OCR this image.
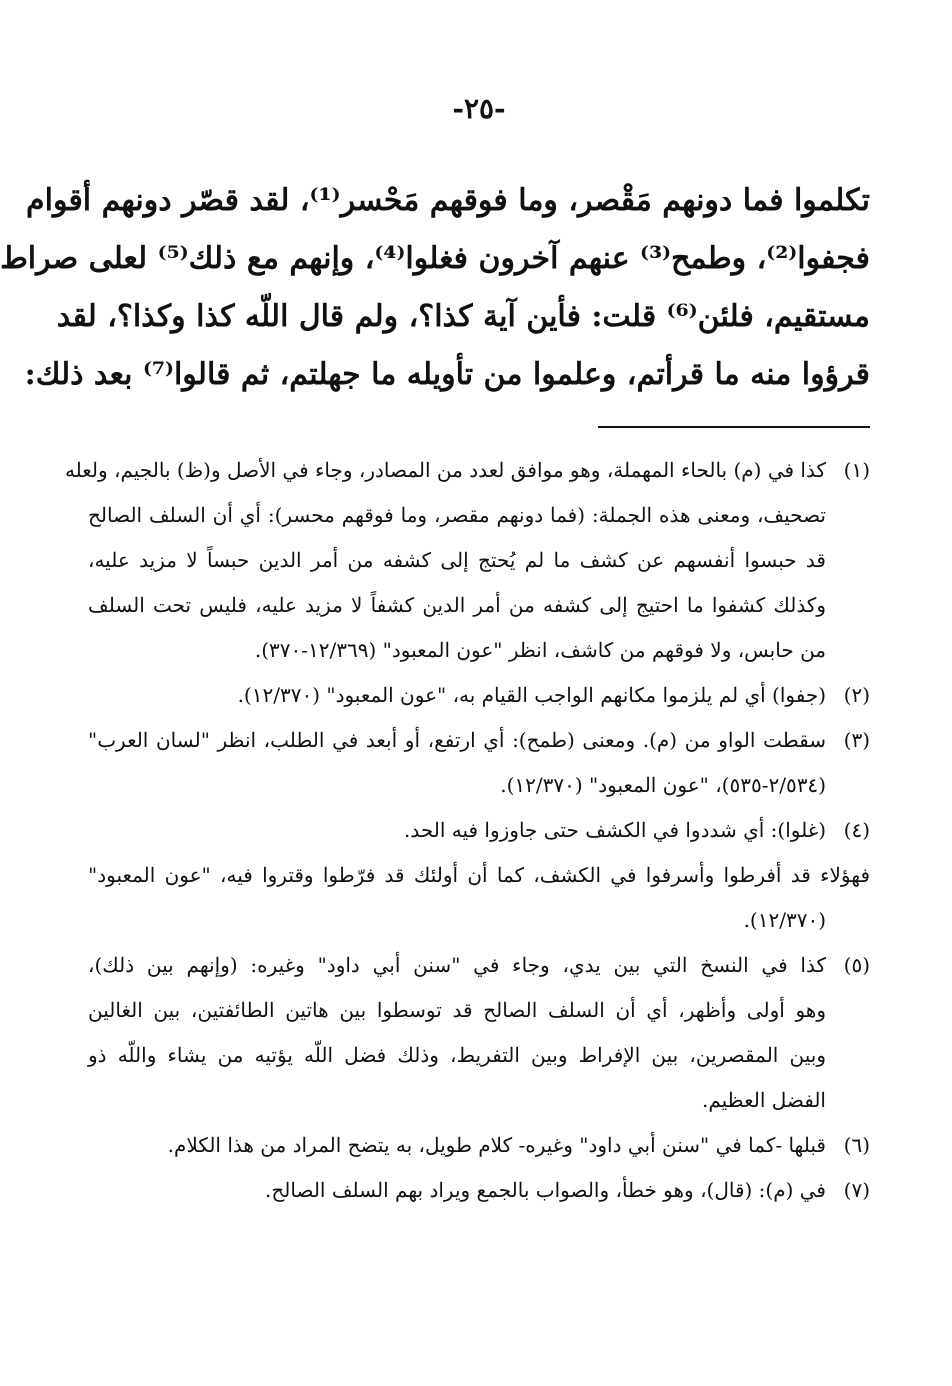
-٢٥-
تكلموا فما دونهم مَقْصر، وما فوقهم مَحْسر⁽¹⁾، لقد قصّر دونهم أقوام
فجفوا⁽²⁾، وطمح⁽³⁾ عنهم آخرون فغلوا⁽⁴⁾، وإنهم مع ذلك⁽⁵⁾ لعلى صراط
مستقيم، فلئن⁽⁶⁾ قلت: فأين آية كذا؟، ولم قال اللّه كذا وكذا؟، لقد
قرؤوا منه ما قرأتم، وعلموا من تأويله ما جهلتم، ثم قالوا⁽⁷⁾ بعد ذلك:
(١)
كذا في (م) بالحاء المهملة، وهو موافق لعدد من المصادر، وجاء في الأصل و(ظ) بالجيم، ولعله
تصحيف، ومعنى هذه الجملة: (فما دونهم مقصر، وما فوقهم محسر): أي أن السلف الصالح
قد حبسوا أنفسهم عن كشف ما لم يُحتج إلى كشفه من أمر الدين حبساً لا مزيد عليه،
وكذلك كشفوا ما احتيج إلى كشفه من أمر الدين كشفاً لا مزيد عليه، فليس تحت السلف
من حابس، ولا فوقهم من كاشف، انظر "عون المعبود" (١٢/٣٦٩-٣٧٠).
(٢)
(جفوا) أي لم يلزموا مكانهم الواجب القيام به، "عون المعبود" (١٢/٣٧٠).
(٣)
سقطت الواو من (م). ومعنى (طمح): أي ارتفع، أو أبعد في الطلب، انظر "لسان العرب"
(٢/٥٣٤-٥٣٥)، "عون المعبود" (١٢/٣٧٠).
(٤)
(غلوا): أي شددوا في الكشف حتى جاوزوا فيه الحد.
فهؤلاء قد أفرطوا وأسرفوا في الكشف، كما أن أولئك قد فرّطوا وقتروا فيه، "عون المعبود"
(١٢/٣٧٠).
(٥)
كذا في النسخ التي بين يدي، وجاء في "سنن أبي داود" وغيره: (وإنهم بين ذلك)،
وهو أولى وأظهر، أي أن السلف الصالح قد توسطوا بين هاتين الطائفتين، بين الغالين
وبين المقصرين، بين الإفراط وبين التفريط، وذلك فضل اللّه يؤتيه من يشاء واللّه ذو
الفضل العظيم.
(٦)
قبلها -كما في "سنن أبي داود" وغيره- كلام طويل، به يتضح المراد من هذا الكلام.
(٧)
في (م): (قال)، وهو خطأ، والصواب بالجمع ويراد بهم السلف الصالح.
